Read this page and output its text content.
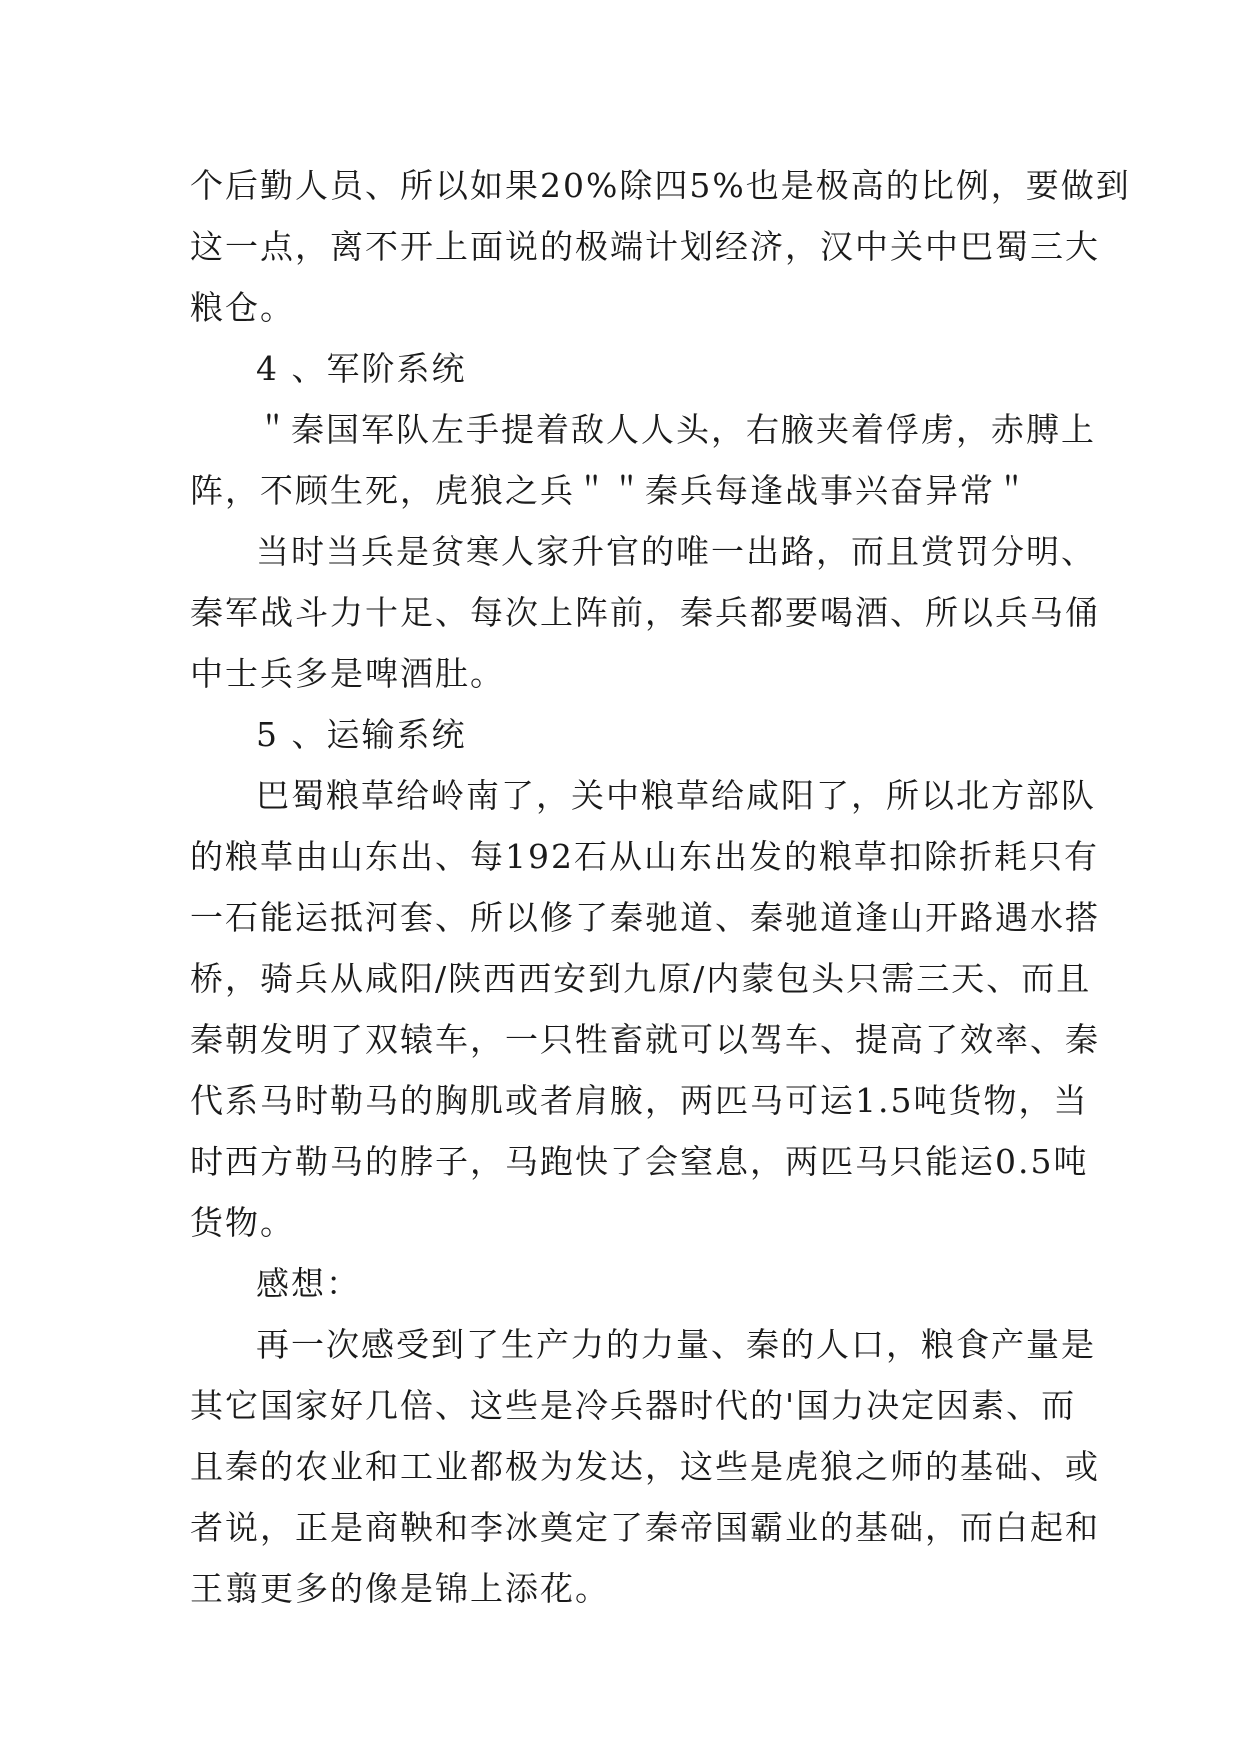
个后勤人员、所以如果20%除四5%也是极高的比例，要做到
这一点，离不开上面说的极端计划经济，汉中关中巴蜀三大
粮仓。
4 、军阶系统
＂秦国军队左手提着敌人人头，右腋夹着俘虏，赤膊上
阵，不顾生死，虎狼之兵＂＂秦兵每逢战事兴奋异常＂
当时当兵是贫寒人家升官的唯一出路，而且赏罚分明、
秦军战斗力十足、每次上阵前，秦兵都要喝酒、所以兵马俑
中士兵多是啤酒肚。
5 、运输系统
巴蜀粮草给岭南了，关中粮草给咸阳了，所以北方部队
的粮草由山东出、每192石从山东出发的粮草扣除折耗只有
一石能运抵河套、所以修了秦驰道、秦驰道逢山开路遇水搭
桥，骑兵从咸阳/陕西西安到九原/内蒙包头只需三天、而且
秦朝发明了双辕车，一只牲畜就可以驾车、提高了效率、秦
代系马时勒马的胸肌或者肩腋，两匹马可运1.5吨货物，当
时西方勒马的脖子，马跑快了会窒息，两匹马只能运0.5吨
货物。
感想：
再一次感受到了生产力的力量、秦的人口，粮食产量是
其它国家好几倍、这些是冷兵器时代的'国力决定因素、而
且秦的农业和工业都极为发达，这些是虎狼之师的基础、或
者说，正是商鞅和李冰奠定了秦帝国霸业的基础，而白起和
王翦更多的像是锦上添花。
